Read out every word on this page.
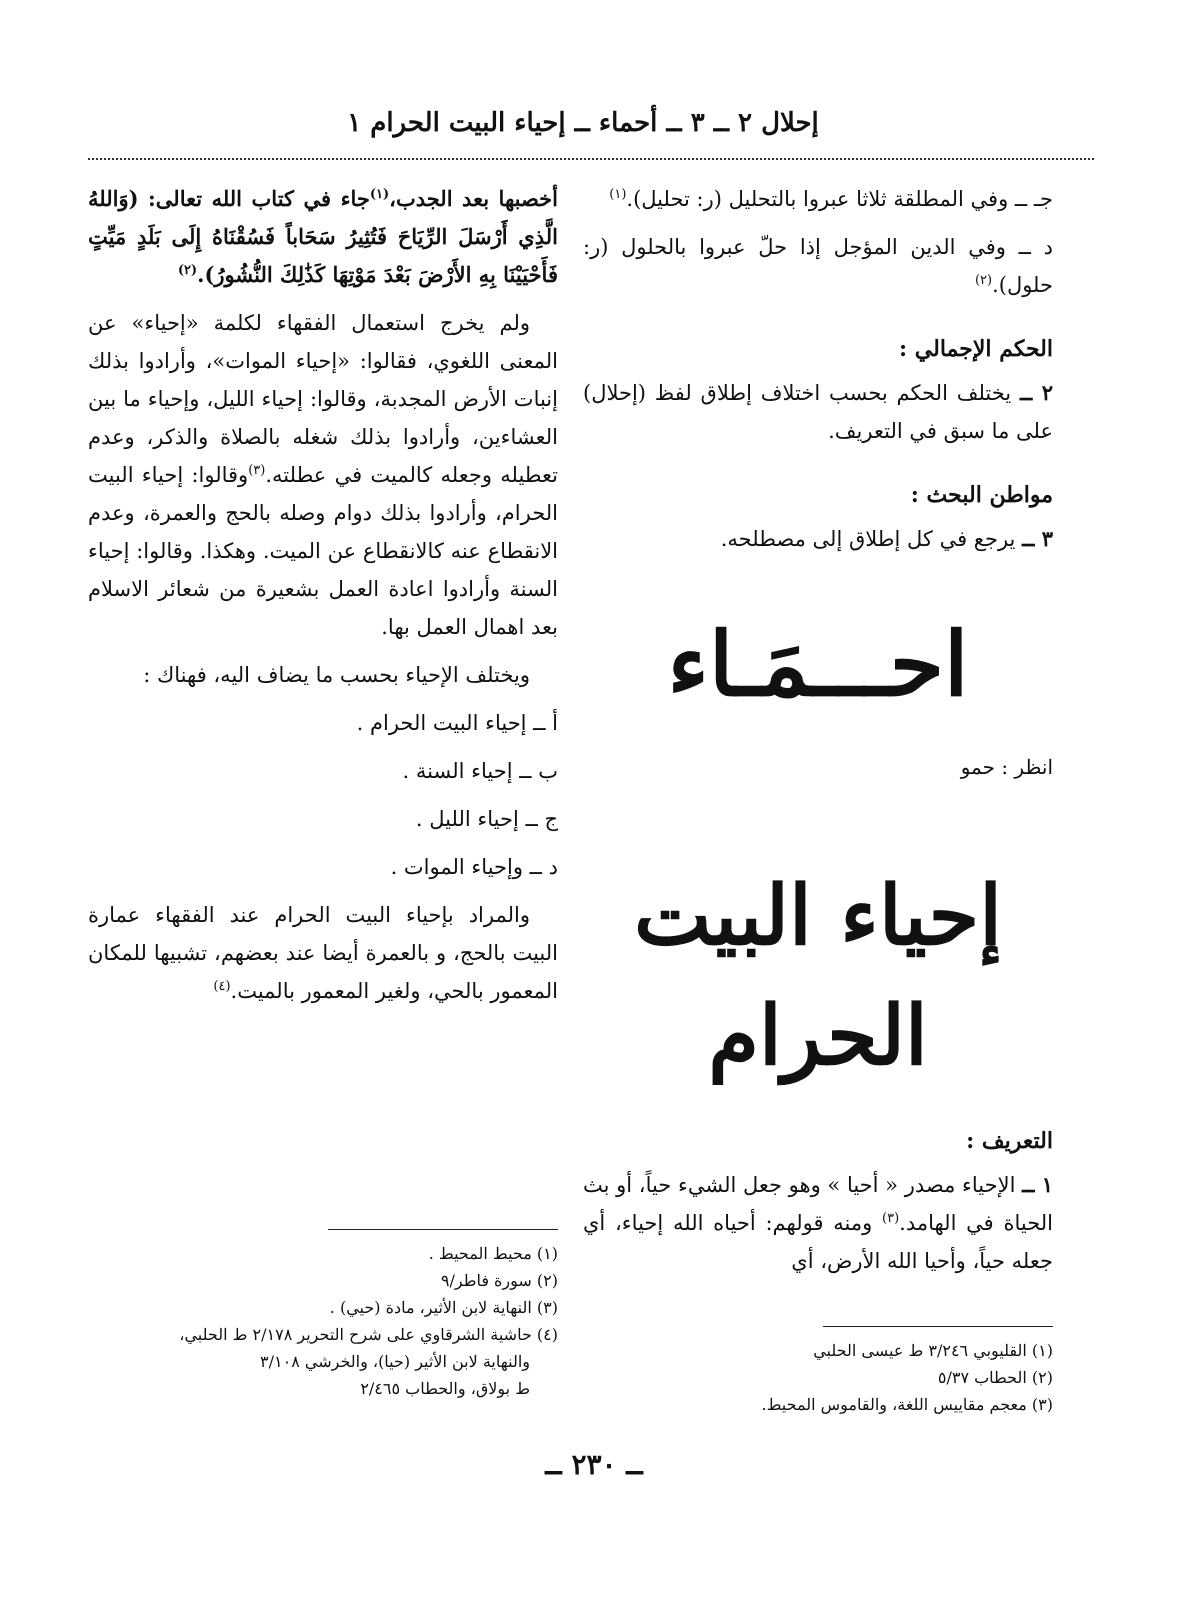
إحلال ٢ ــ ٣ ــ أحماء ــ إحياء البيت الحرام ١

جـ ــ وفي المطلقة ثلاثا عبروا بالتحليل (ر: تحليل).$^{(١)}$

د ــ وفي الدين المؤجل إذا حلّ عبروا بالحلول (ر: حلول).$^{(٢)}$

الحكم الإجمالي :

٢ ــ يختلف الحكم بحسب اختلاف إطلاق لفظ (إحلال) على ما سبق في التعريف.

مواطن البحث :

٣ ــ يرجع في كل إطلاق إلى مصطلحه.

احـــمَـاء

انظر : حمو

إحياء البيت الحرام
التعريف :

١ ــ الإحياء مصدر « أحيا » وهو جعل الشيء حياً، أو بث الحياة في الهامد.$^{(٣)}$ ومنه قولهم: أحياه الله إحياء، أي جعله حياً، وأحيا الله الأرض، أي

(١) القليوبي ٣/٢٤٦ ط عيسى الحلبي

(٢) الحطاب ٥/٣٧

(٣) معجم مقاييس اللغة، والقاموس المحيط.

أخصبها بعد الجدب،$^{(١)}$جاء في كتاب الله تعالى: (وَاللهُ الَّذِي أَرْسَلَ الرِّيَاحَ فَتُثِيرُ سَحَاباً فَسُقْنَاهُ إِلَى بَلَدٍ مَيِّتٍ فَأَحْيَيْنَا بِهِ الأَرْضَ بَعْدَ مَوْتِهَا كَذَٰلِكَ النُّشُورُ).$^{(٢)}$

ولم يخرج استعمال الفقهاء لكلمة «إحياء» عن المعنى اللغوي، فقالوا: «إحياء الموات»، وأرادوا بذلك إنبات الأرض المجدبة، وقالوا: إحياء الليل، وإحياء ما بين العشاءين، وأرادوا بذلك شغله بالصلاة والذكر، وعدم تعطيله وجعله كالميت في عطلته.$^{(٣)}$وقالوا: إحياء البيت الحرام، وأرادوا بذلك دوام وصله بالحج والعمرة، وعدم الانقطاع عنه كالانقطاع عن الميت. وهكذا. وقالوا: إحياء السنة وأرادوا اعادة العمل بشعيرة من شعائر الاسلام بعد اهمال العمل بها.

ويختلف الإحياء بحسب ما يضاف اليه، فهناك :

أ ــ إحياء البيت الحرام .

ب ــ إحياء السنة .

ج ــ إحياء الليل .

د ــ وإحياء الموات .

والمراد بإحياء البيت الحرام عند الفقهاء عمارة البيت بالحج، و بالعمرة أيضا عند بعضهم، تشبيها للمكان المعمور بالحي، ولغير المعمور بالميت.$^{(٤)}$

(١) محيط المحيط .

(٢) سورة فاطر/٩

(٣) النهاية لابن الأثير، مادة (حيي) .

(٤) حاشية الشرقاوي على شرح التحرير ٢/١٧٨ ط الحلبي،

والنهاية لابن الأثير (حيا)، والخرشي ٣/١٠٨

ط بولاق، والحطاب ٢/٤٦٥

ــ ٢٣٠ ــ
